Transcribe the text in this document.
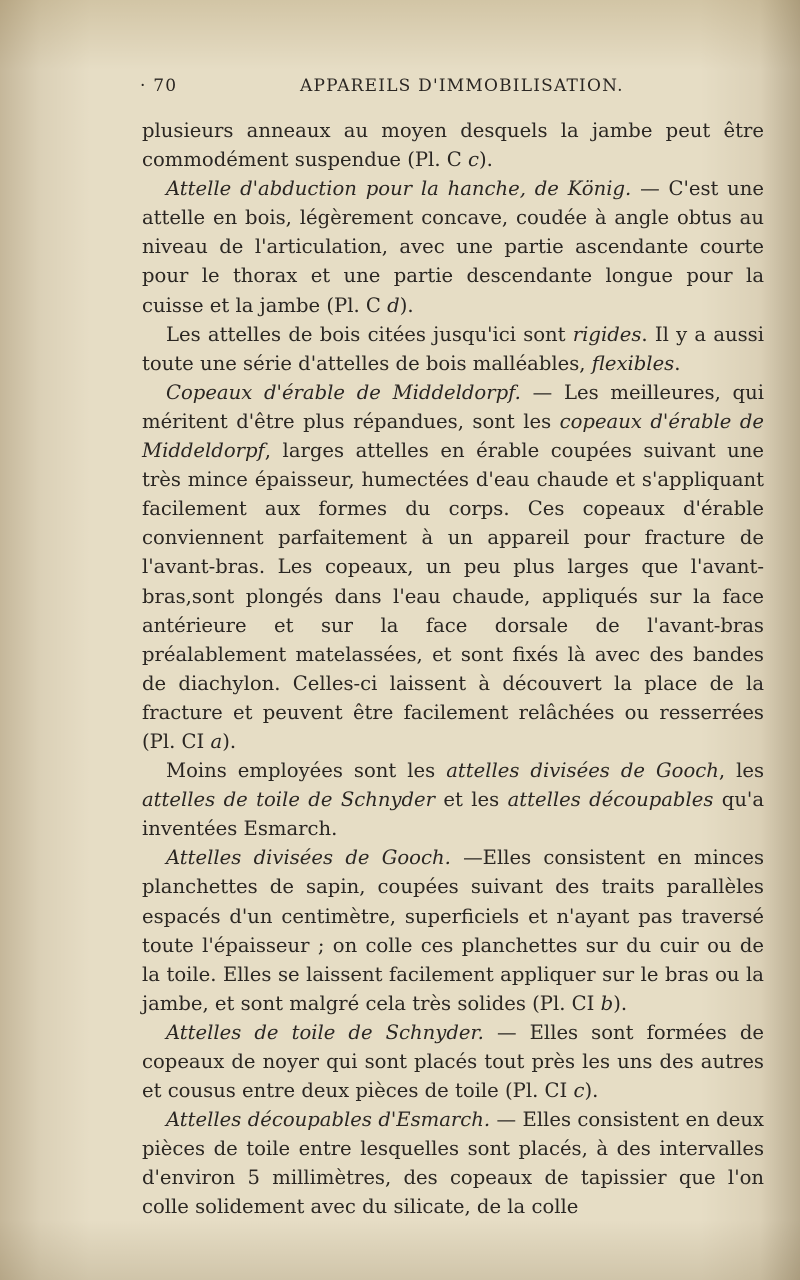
· 70	APPAREILS D'IMMOBILISATION.

plusieurs anneaux au moyen desquels la jambe peut être commodément suspendue (Pl. C c).

Attelle d'abduction pour la hanche, de König. — C'est une attelle en bois, légèrement concave, coudée à angle obtus au niveau de l'articulation, avec une partie ascendante courte pour le thorax et une partie descendante longue pour la cuisse et la jambe (Pl. C d).

Les attelles de bois citées jusqu'ici sont rigides. Il y a aussi toute une série d'attelles de bois malléables, flexibles.

Copeaux d'érable de Middeldorpf. — Les meilleures, qui méritent d'être plus répandues, sont les copeaux d'érable de Middeldorpf, larges attelles en érable coupées suivant une très mince épaisseur, humectées d'eau chaude et s'appliquant facilement aux formes du corps. Ces copeaux d'érable conviennent parfaitement à un appareil pour fracture de l'avant-bras. Les copeaux, un peu plus larges que l'avant-bras,sont plongés dans l'eau chaude, appliqués sur la face antérieure et sur la face dorsale de l'avant-bras préalablement matelassées, et sont fixés là avec des bandes de diachylon. Celles-ci laissent à découvert la place de la fracture et peuvent être facilement relâchées ou resserrées (Pl. CI a).

Moins employées sont les attelles divisées de Gooch, les attelles de toile de Schnyder et les attelles découpables qu'a inventées Esmarch.

Attelles divisées de Gooch. —Elles consistent en minces planchettes de sapin, coupées suivant des traits parallèles espacés d'un centimètre, superficiels et n'ayant pas traversé toute l'épaisseur ; on colle ces planchettes sur du cuir ou de la toile. Elles se laissent facilement appliquer sur le bras ou la jambe, et sont malgré cela très solides (Pl. CI b).

Attelles de toile de Schnyder. — Elles sont formées de copeaux de noyer qui sont placés tout près les uns des autres et cousus entre deux pièces de toile (Pl. CI c).

Attelles découpables d'Esmarch. — Elles consistent en deux pièces de toile entre lesquelles sont placés, à des intervalles d'environ 5 millimètres, des copeaux de tapissier que l'on colle solidement avec du silicate, de la colle
